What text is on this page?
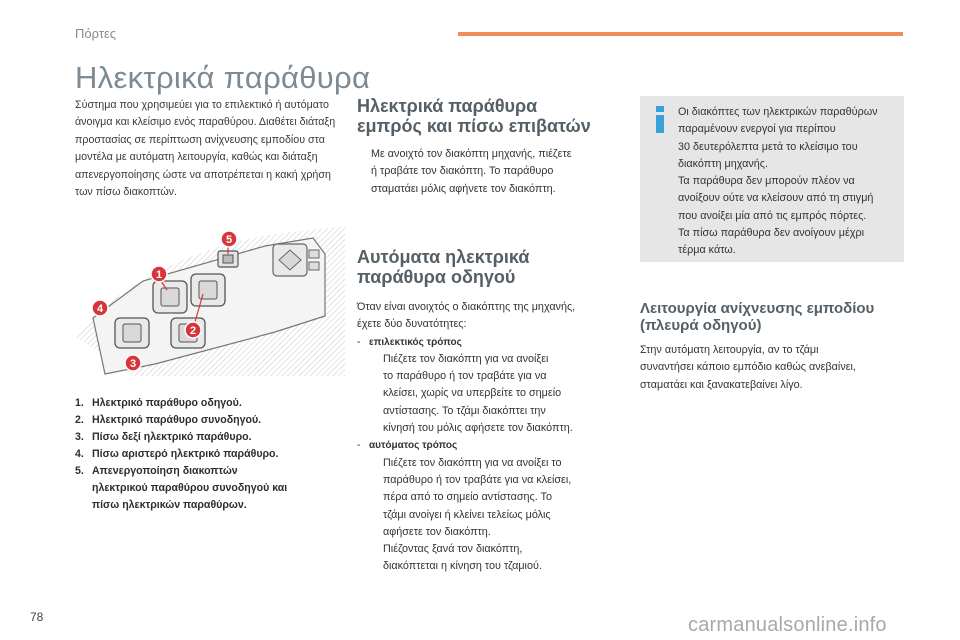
Πόρτες
Ηλεκτρικά παράθυρα
Σύστημα που χρησιμεύει για το επιλεκτικό ή αυτόματο
άνοιγμα και κλείσιμο ενός παραθύρου. Διαθέτει διάταξη
προστασίας σε περίπτωση ανίχνευσης εμποδίου στα
μοντέλα με αυτόματη λειτουργία, καθώς και διάταξη
απενεργοποίησης ώστε να αποτρέπεται η κακή χρήση
των πίσω διακοπτών.
1
2
3
4
5
1. Ηλεκτρικό παράθυρο οδηγού.
2. Ηλεκτρικό παράθυρο συνοδηγού.
3. Πίσω δεξί ηλεκτρικό παράθυρο.
4. Πίσω αριστερό ηλεκτρικό παράθυρο.
5. Απενεργοποίηση διακοπτών
ηλεκτρικού παραθύρου συνοδηγού και
πίσω ηλεκτρικών παραθύρων.
Ηλεκτρικά παράθυρα
εμπρός και πίσω επιβατών
Με ανοιχτό τον διακόπτη μηχανής, πιέζετε
ή τραβάτε τον διακόπτη. Το παράθυρο
σταματάει μόλις αφήνετε τον διακόπτη.
Αυτόματα ηλεκτρικά
παράθυρα οδηγού
Όταν είναι ανοιχτός ο διακόπτης της μηχανής,
έχετε δύο δυνατότητες:
- επιλεκτικός τρόπος
Πιέζετε τον διακόπτη για να ανοίξει
το παράθυρο ή τον τραβάτε για να
κλείσει, χωρίς να υπερβείτε το σημείο
αντίστασης. Το τζάμι διακόπτει την
κίνησή του μόλις αφήσετε τον διακόπτη.
- αυτόματος τρόπος
Πιέζετε τον διακόπτη για να ανοίξει το
παράθυρο ή τον τραβάτε για να κλείσει,
πέρα από το σημείο αντίστασης. Το
τζάμι ανοίγει ή κλείνει τελείως μόλις
αφήσετε τον διακόπτη.
Πιέζοντας ξανά τον διακόπτη,
διακόπτεται η κίνηση του τζαμιού.
Οι διακόπτες των ηλεκτρικών παραθύρων
παραμένουν ενεργοί για περίπου
30 δευτερόλεπτα μετά το κλείσιμο του
διακόπτη μηχανής.
Τα παράθυρα δεν μπορούν πλέον να
ανοίξουν ούτε να κλείσουν από τη στιγμή
που ανοίξει μία από τις εμπρός πόρτες.
Τα πίσω παράθυρα δεν ανοίγουν μέχρι
τέρμα κάτω.
Λειτουργία ανίχνευσης εμποδίου
(πλευρά οδηγού)
Στην αυτόματη λειτουργία, αν το τζάμι
συναντήσει κάποιο εμπόδιο καθώς ανεβαίνει,
σταματάει και ξανακατεβαίνει λίγο.
78	carmanualsonline.info
